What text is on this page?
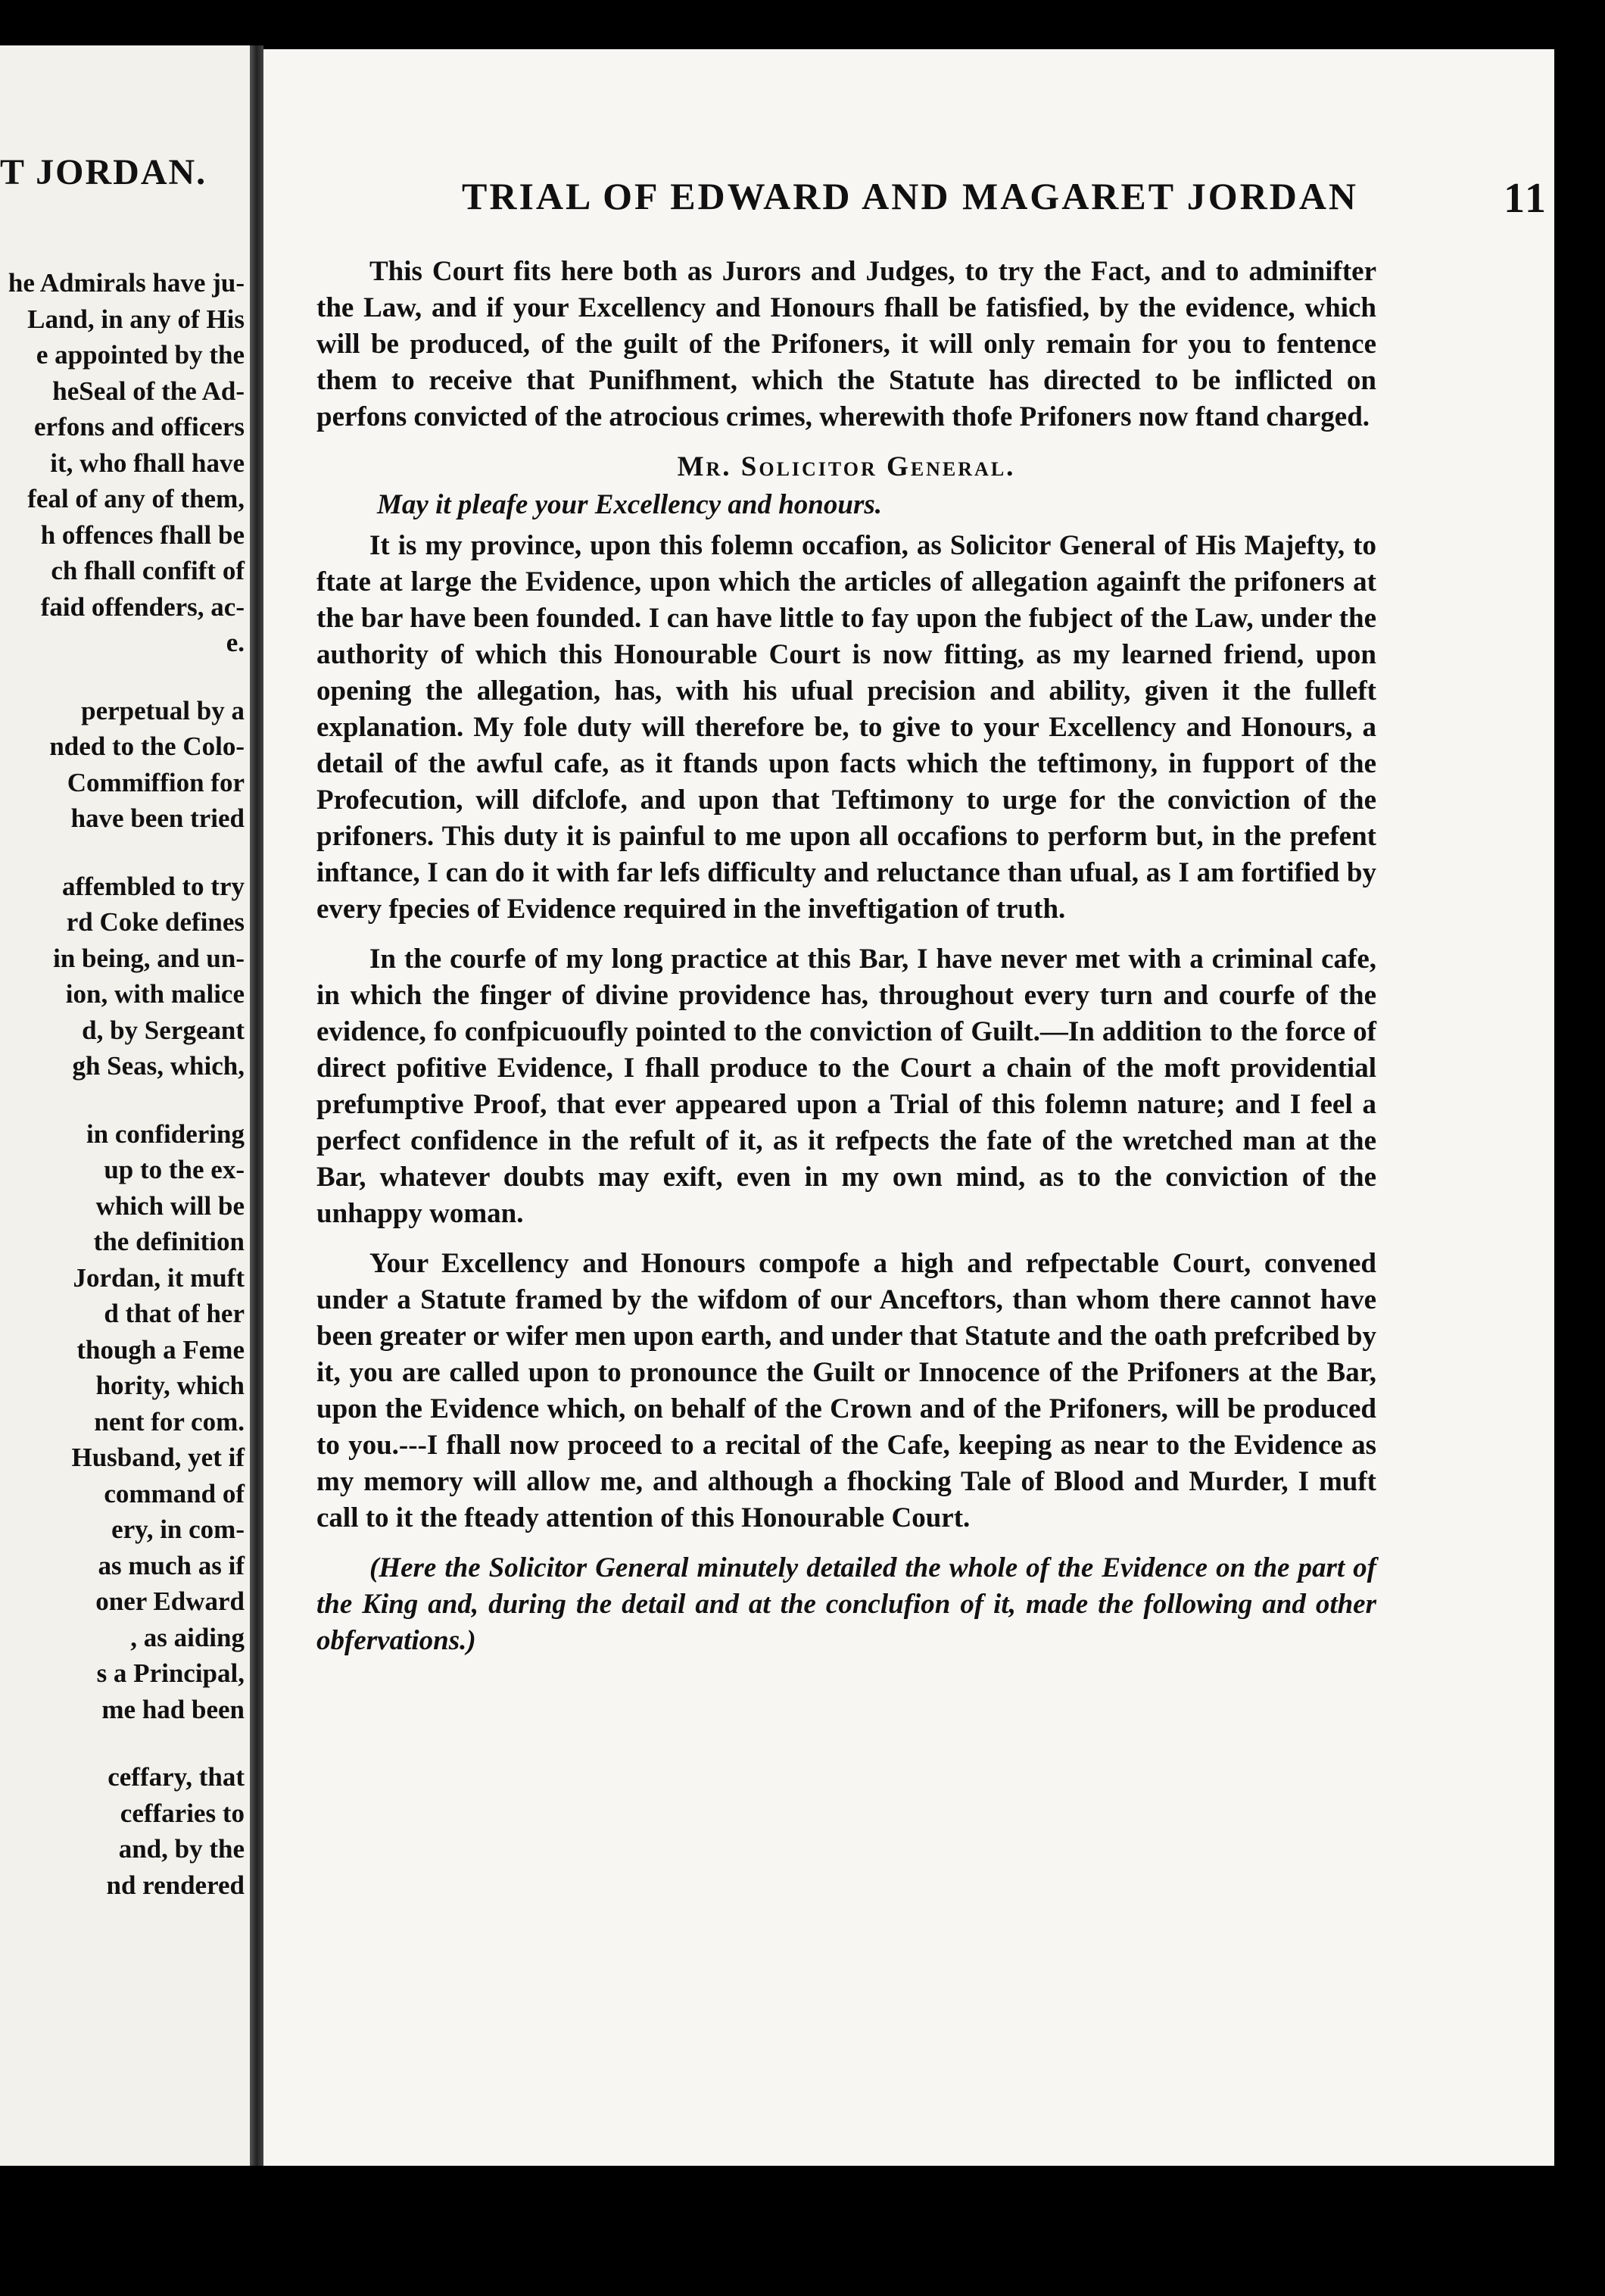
T JORDAN.
he Admirals have ju-
Land, in any of His
e appointed by the
heSeal of the Ad-
erfons and officers
it, who fhall have
feal of any of them,
h offences fhall be
ch fhall confift of
faid offenders, ac-
e.
perpetual by a
nded to the Colo-
Commiffion for
have been tried
affembled to try
rd Coke defines
in being, and un-
ion, with malice
d, by Sergeant
gh Seas, which,
in confidering
up to the ex-
which will be
the definition
Jordan, it muft
d that of her
though a Feme
hority, which
nent for com.
Husband, yet if
command of
ery, in com-
as much as if
oner Edward
, as aiding
s a Principal,
me had been
ceffary, that
ceffaries to
and, by the
nd rendered
TRIAL OF EDWARD AND MAGARET JORDAN	11

This Court fits here both as Jurors and Judges, to try the Fact, and to adminifter the Law, and if your Excellency and Honours fhall be fatisfied, by the evidence, which will be produced, of the guilt of the Prifoners, it will only remain for you to fentence them to receive that Punifhment, which the Statute has directed to be inflicted on perfons convicted of the atrocious crimes, wherewith thofe Prifoners now ftand charged.

Mr. Solicitor General.
May it pleafe your Excellency and honours.

It is my province, upon this folemn occafion, as Solicitor General of His Majefty, to ftate at large the Evidence, upon which the articles of allegation againft the prifoners at the bar have been founded. I can have little to fay upon the fubject of the Law, under the authority of which this Honourable Court is now fitting, as my learned friend, upon opening the allegation, has, with his ufual precision and ability, given it the fulleft explanation. My fole duty will therefore be, to give to your Excellency and Honours, a detail of the awful cafe, as it ftands upon facts which the teftimony, in fupport of the Profecution, will difclofe, and upon that Teftimony to urge for the conviction of the prifoners. This duty it is painful to me upon all occafions to perform but, in the prefent inftance, I can do it with far lefs difficulty and reluctance than ufual, as I am fortified by every fpecies of Evidence required in the inveftigation of truth.

In the courfe of my long practice at this Bar, I have never met with a criminal cafe, in which the finger of divine providence has, throughout every turn and courfe of the evidence, fo confpicuoufly pointed to the conviction of Guilt.—In addition to the force of direct pofitive Evidence, I fhall produce to the Court a chain of the moft providential prefumptive Proof, that ever appeared upon a Trial of this folemn nature; and I feel a perfect confidence in the refult of it, as it refpects the fate of the wretched man at the Bar, whatever doubts may exift, even in my own mind, as to the conviction of the unhappy woman.

Your Excellency and Honours compofe a high and refpectable Court, convened under a Statute framed by the wifdom of our Anceftors, than whom there cannot have been greater or wifer men upon earth, and under that Statute and the oath prefcribed by it, you are called upon to pronounce the Guilt or Innocence of the Prifoners at the Bar, upon the Evidence which, on behalf of the Crown and of the Prifoners, will be produced to you.---I fhall now proceed to a recital of the Cafe, keeping as near to the Evidence as my memory will allow me, and although a fhocking Tale of Blood and Murder, I muft call to it the fteady attention of this Honourable Court.

(Here the Solicitor General minutely detailed the whole of the Evidence on the part of the King and, during the detail and at the conclufion of it, made the following and other obfervations.)
